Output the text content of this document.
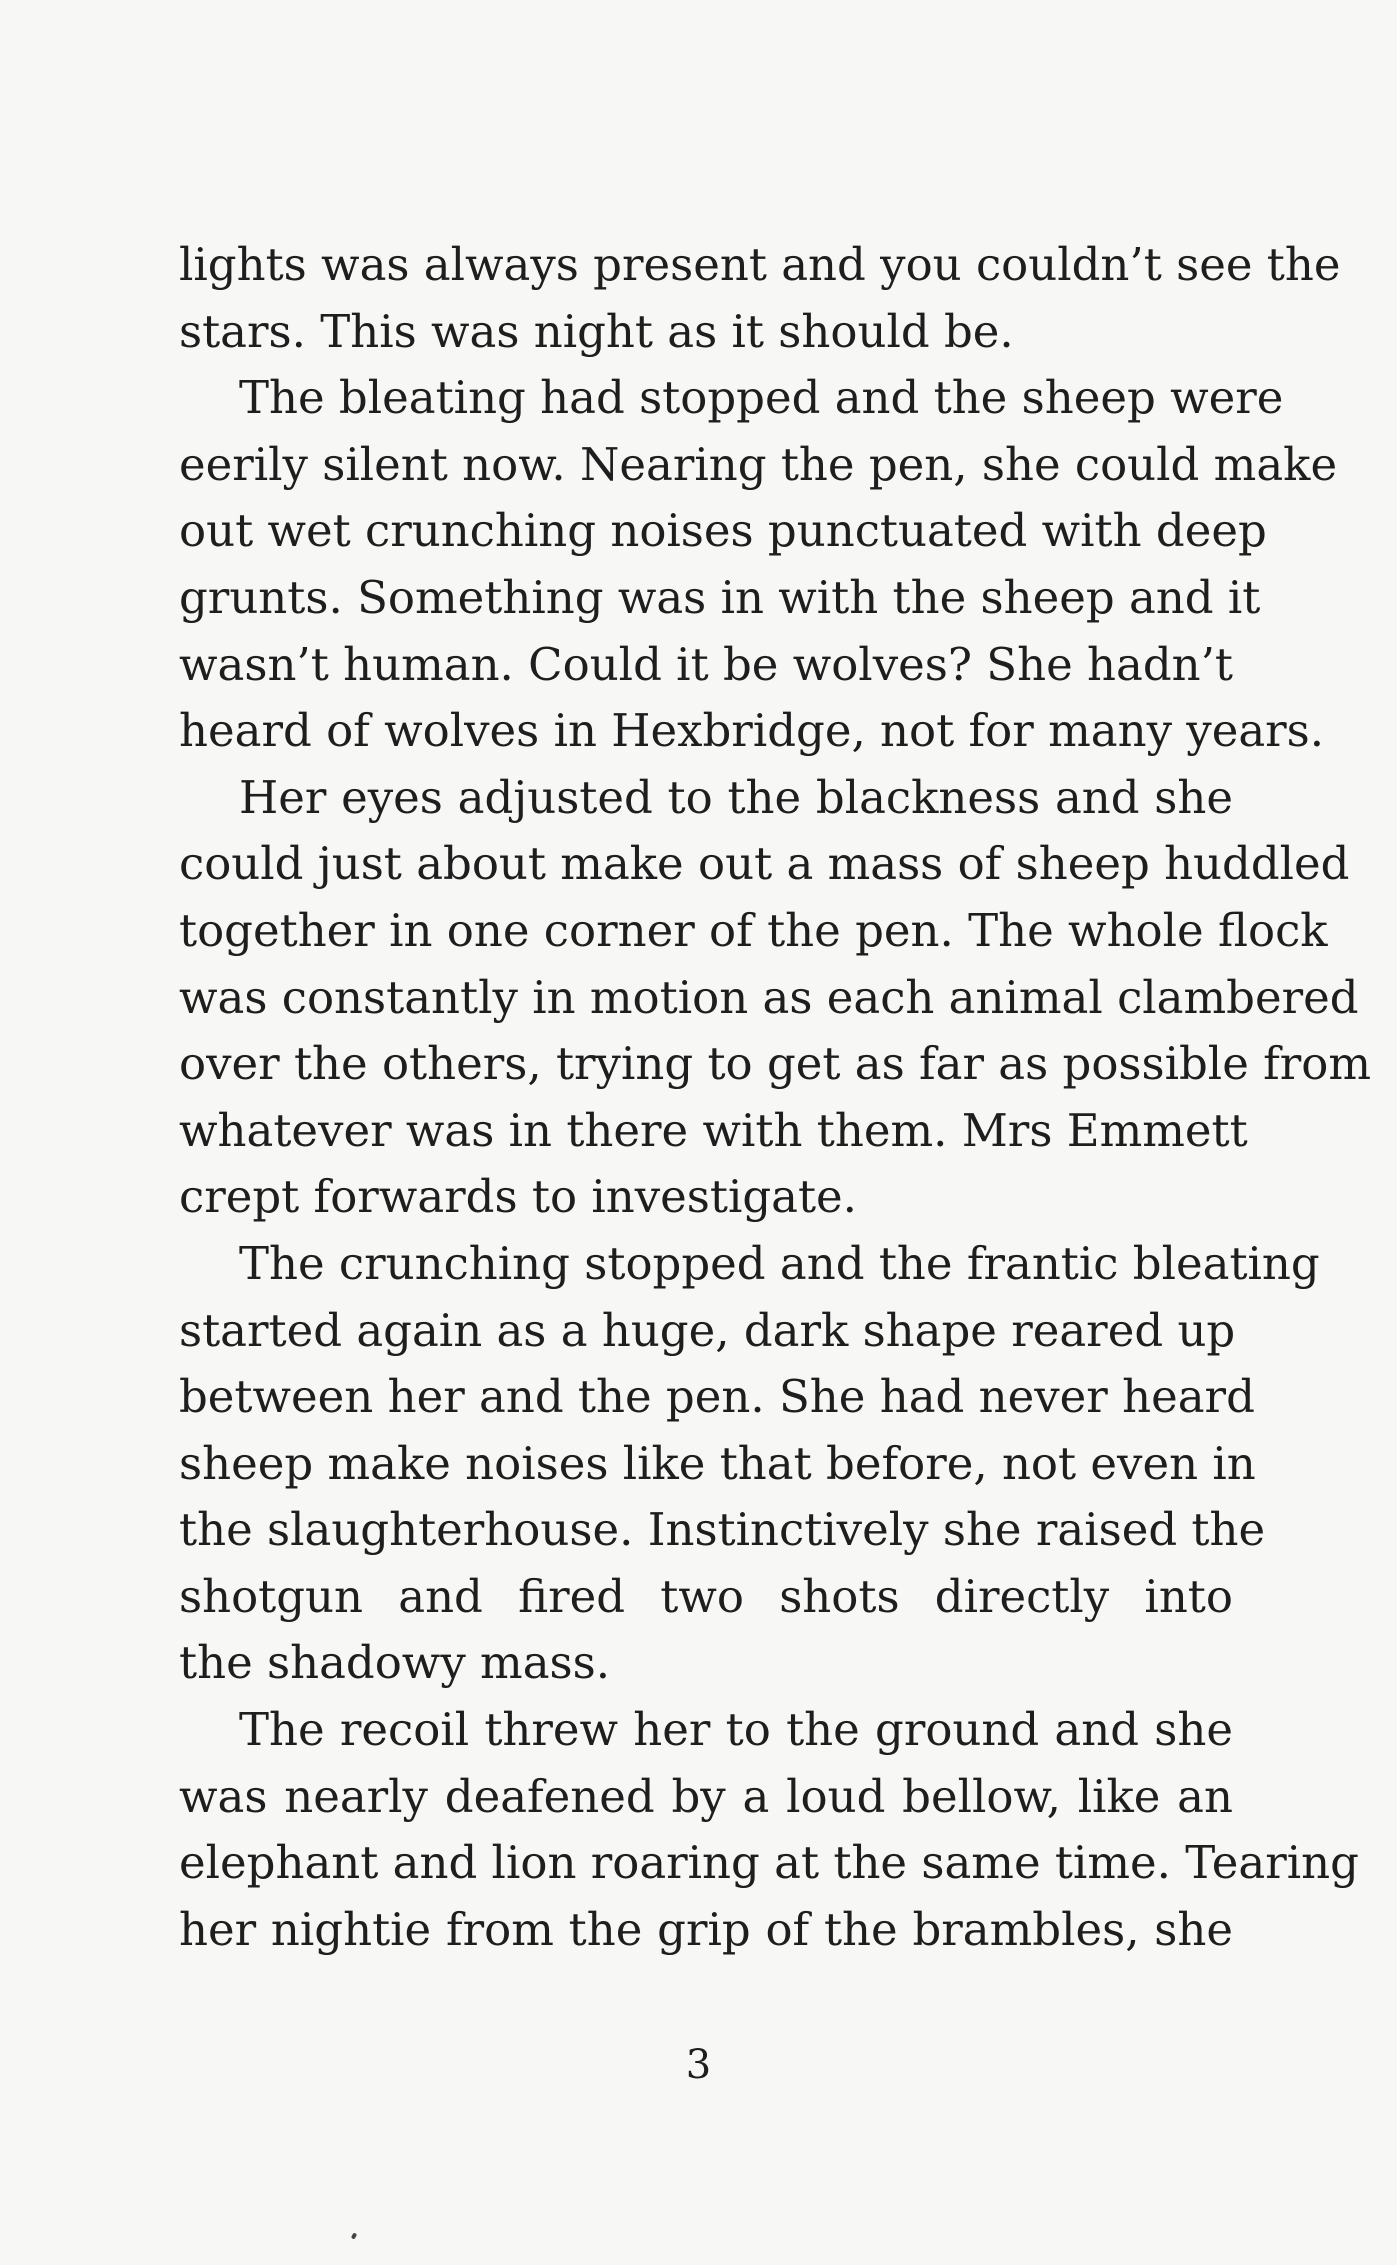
lights was always present and you couldn’t see the
stars. This was night as it should be.
The bleating had stopped and the sheep were
eerily silent now. Nearing the pen, she could make
out wet crunching noises punctuated with deep
grunts. Something was in with the sheep and it
wasn’t human. Could it be wolves? She hadn’t
heard of wolves in Hexbridge, not for many years.
Her eyes adjusted to the blackness and she
could just about make out a mass of sheep huddled
together in one corner of the pen. The whole flock
was constantly in motion as each animal clambered
over the others, trying to get as far as possible from
whatever was in there with them. Mrs Emmett
crept forwards to investigate.
The crunching stopped and the frantic bleating
started again as a huge, dark shape reared up
between her and the pen. She had never heard
sheep make noises like that before, not even in
the slaughterhouse. Instinctively she raised the
shotgun and fired two shots directly into
the shadowy mass.
The recoil threw her to the ground and she
was nearly deafened by a loud bellow, like an
elephant and lion roaring at the same time. Tearing
her nightie from the grip of the brambles, she
3
